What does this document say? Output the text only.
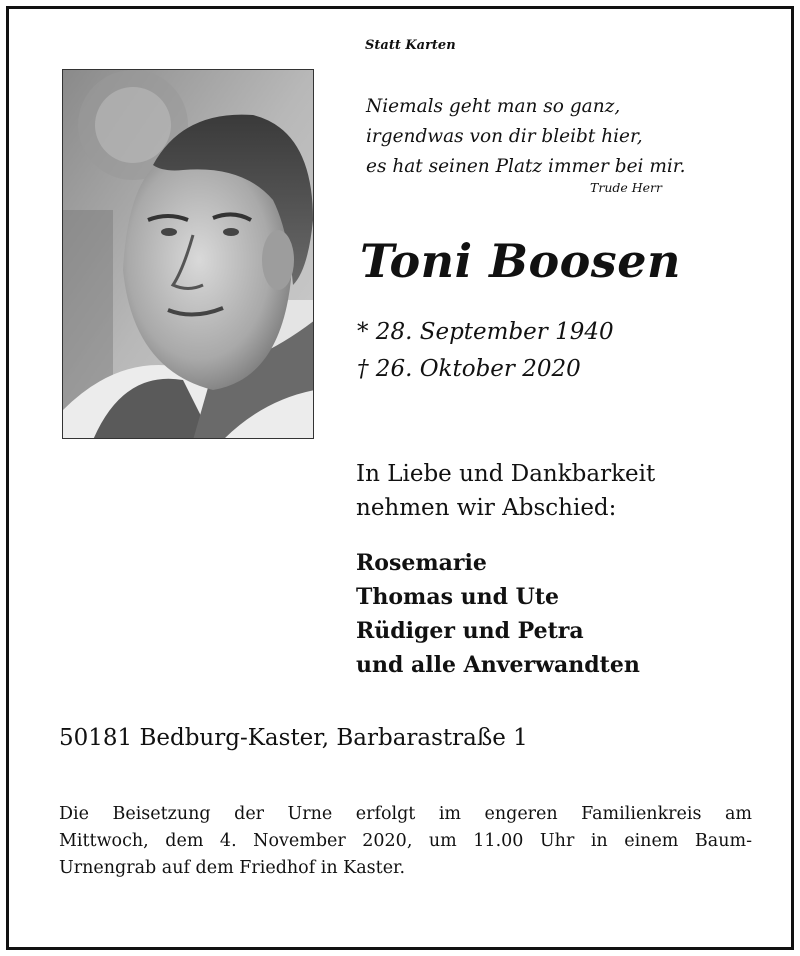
Statt Karten
Niemals geht man so ganz,
irgendwas von dir bleibt hier,
es hat seinen Platz immer bei mir.
Trude Herr
Toni Boosen
* 28. September 1940
† 26. Oktober 2020
In Liebe und Dankbarkeit
nehmen wir Abschied:
Rosemarie
Thomas und Ute
Rüdiger und Petra
und alle Anverwandten
50181 Bedburg-Kaster, Barbarastraße 1
Die Beisetzung der Urne erfolgt im engeren Familienkreis am
Mittwoch, dem 4. November 2020, um 11.00 Uhr in einem Baum-
Urnengrab auf dem Friedhof in Kaster.
